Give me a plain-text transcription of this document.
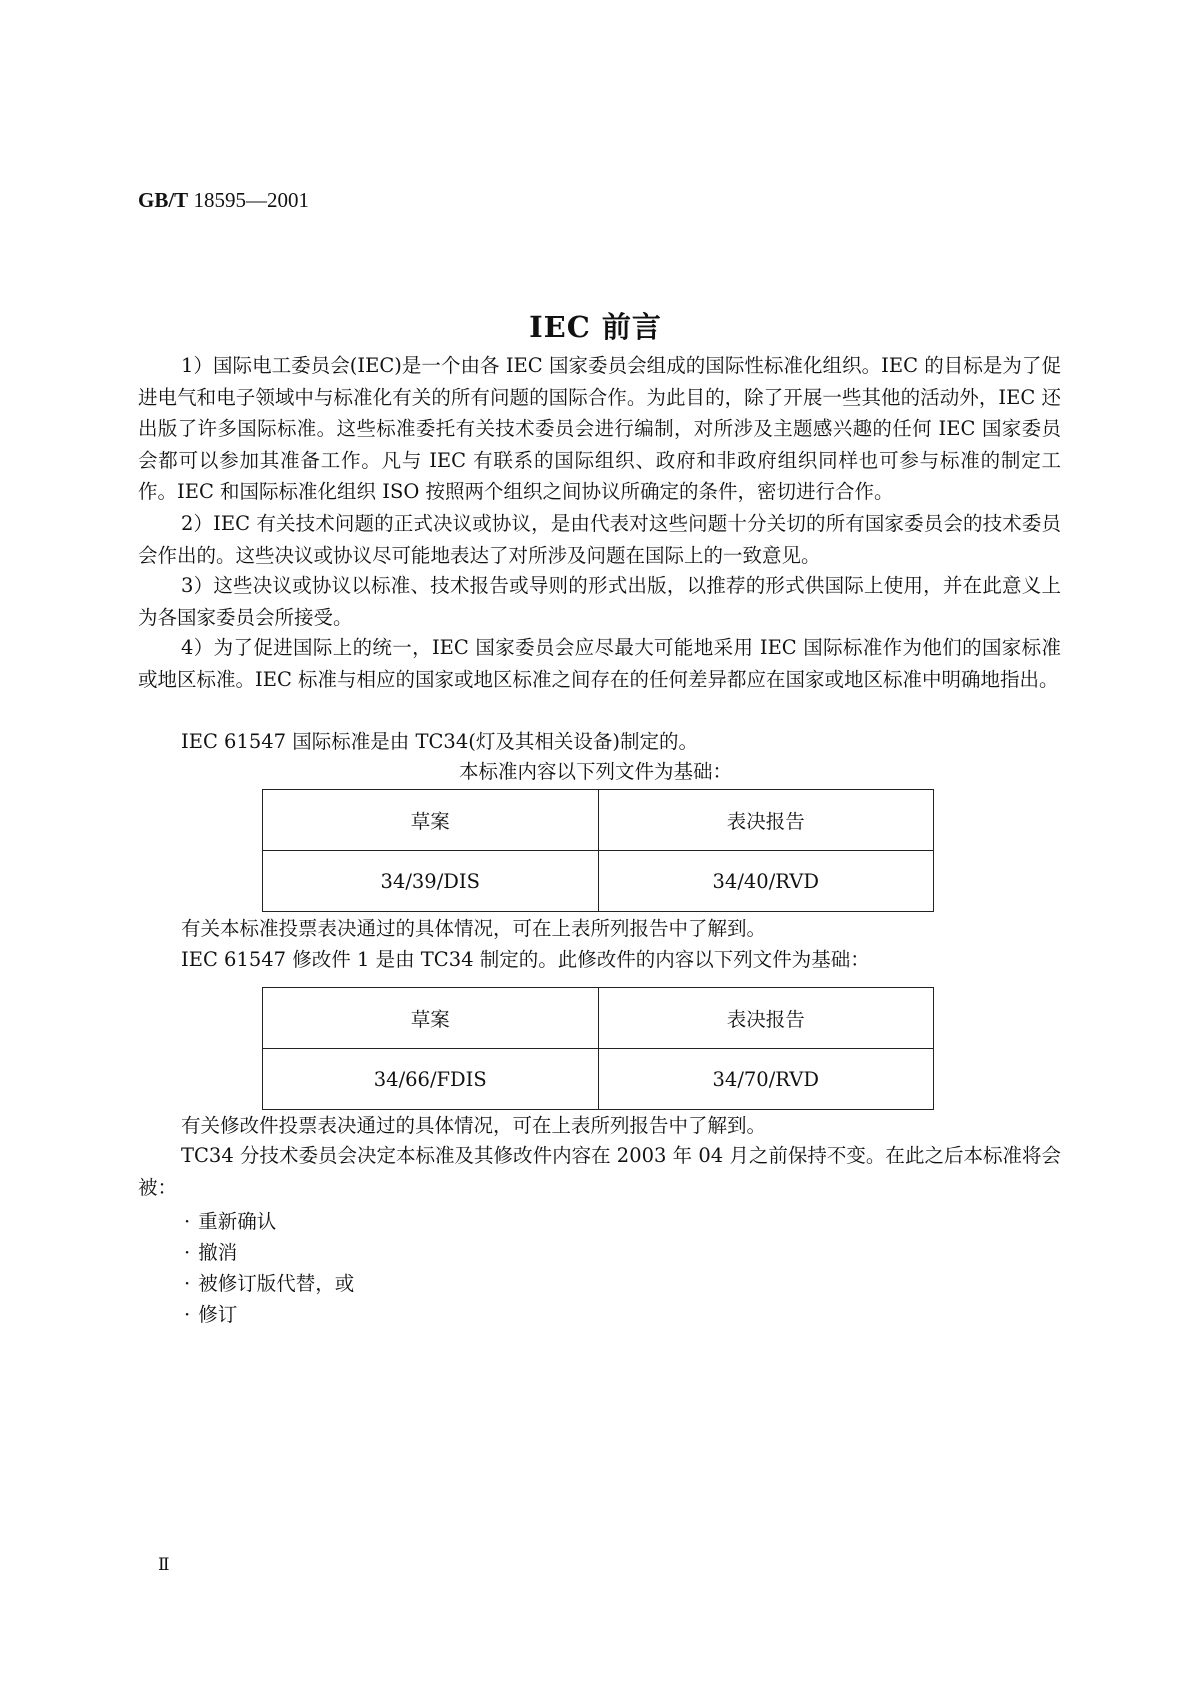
GB/T 18595—2001
IEC 前言
1）国际电工委员会(IEC)是一个由各 IEC 国家委员会组成的国际性标准化组织。IEC 的目标是为了促进电气和电子领域中与标准化有关的所有问题的国际合作。为此目的，除了开展一些其他的活动外，IEC 还出版了许多国际标准。这些标准委托有关技术委员会进行编制，对所涉及主题感兴趣的任何 IEC 国家委员会都可以参加其准备工作。凡与 IEC 有联系的国际组织、政府和非政府组织同样也可参与标准的制定工作。IEC 和国际标准化组织 ISO 按照两个组织之间协议所确定的条件，密切进行合作。
2）IEC 有关技术问题的正式决议或协议，是由代表对这些问题十分关切的所有国家委员会的技术委员会作出的。这些决议或协议尽可能地表达了对所涉及问题在国际上的一致意见。
3）这些决议或协议以标准、技术报告或导则的形式出版，以推荐的形式供国际上使用，并在此意义上为各国家委员会所接受。
4）为了促进国际上的统一，IEC 国家委员会应尽最大可能地采用 IEC 国际标准作为他们的国家标准或地区标准。IEC 标准与相应的国家或地区标准之间存在的任何差异都应在国家或地区标准中明确地指出。
IEC 61547 国际标准是由 TC34(灯及其相关设备)制定的。
本标准内容以下列文件为基础：
草案	表决报告
34/39/DIS	34/40/RVD
有关本标准投票表决通过的具体情况，可在上表所列报告中了解到。
IEC 61547 修改件 1 是由 TC34 制定的。此修改件的内容以下列文件为基础：
草案	表决报告
34/66/FDIS	34/70/RVD
有关修改件投票表决通过的具体情况，可在上表所列报告中了解到。
TC34 分技术委员会决定本标准及其修改件内容在 2003 年 04 月之前保持不变。在此之后本标准将会被：
· 重新确认
· 撤消
· 被修订版代替，或
· 修订
Ⅱ
